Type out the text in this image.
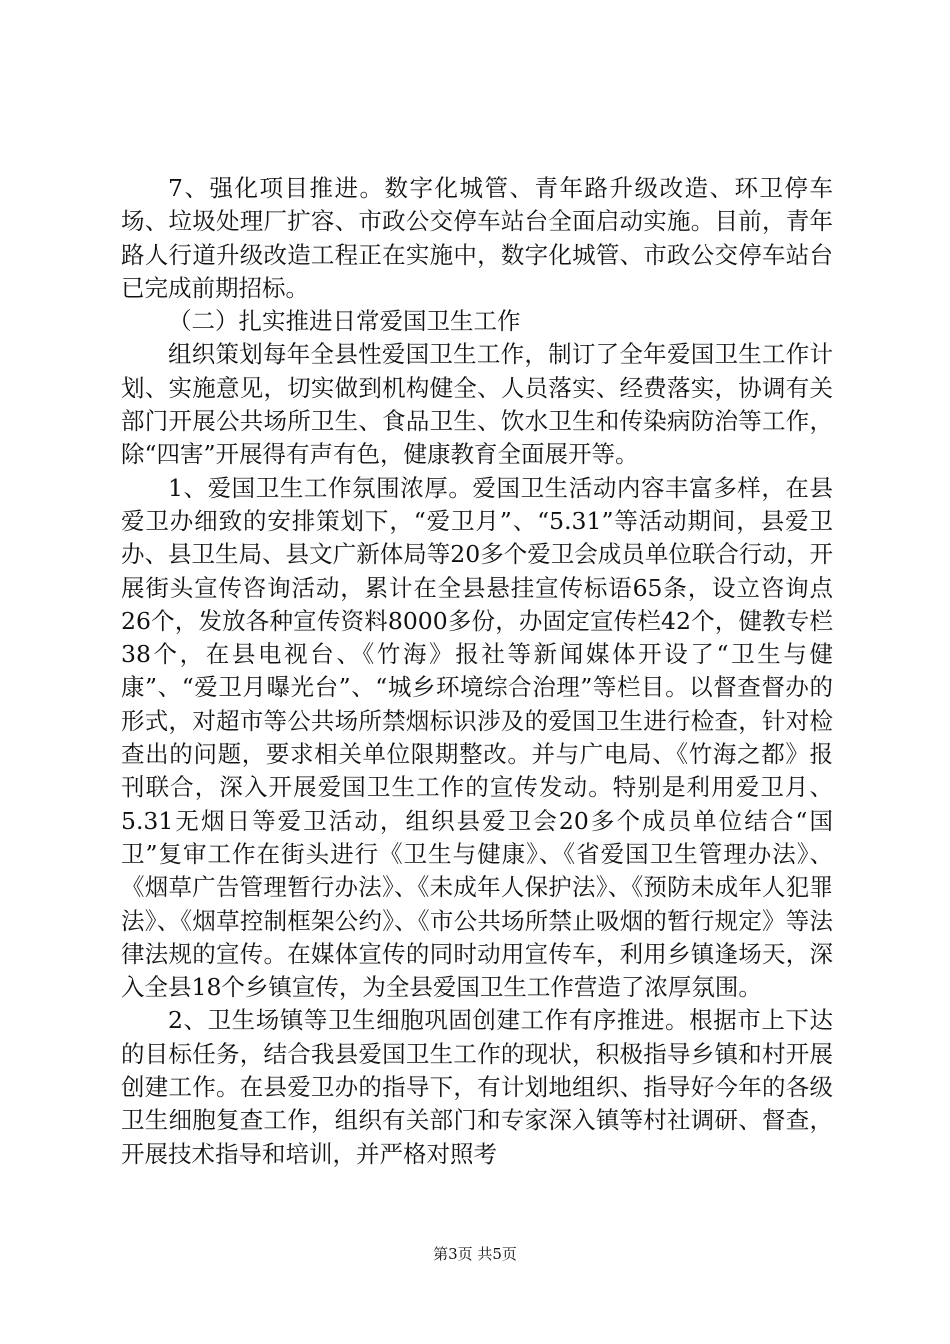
7、强化项目推进。数字化城管、青年路升级改造、环卫停车场、垃圾处理厂扩容、市政公交停车站台全面启动实施。目前，青年路人行道升级改造工程正在实施中，数字化城管、市政公交停车站台已完成前期招标。

（二）扎实推进日常爱国卫生工作

组织策划每年全县性爱国卫生工作，制订了全年爱国卫生工作计划、实施意见，切实做到机构健全、人员落实、经费落实，协调有关部门开展公共场所卫生、食品卫生、饮水卫生和传染病防治等工作，除“四害”开展得有声有色，健康教育全面展开等。

1、爱国卫生工作氛围浓厚。爱国卫生活动内容丰富多样，在县爱卫办细致的安排策划下，“爱卫月”、“5.31”等活动期间，县爱卫办、县卫生局、县文广新体局等20多个爱卫会成员单位联合行动，开展街头宣传咨询活动，累计在全县悬挂宣传标语65条，设立咨询点26个，发放各种宣传资料8000多份，办固定宣传栏42个，健教专栏38个，在县电视台、《竹海》报社等新闻媒体开设了“卫生与健康”、“爱卫月曝光台”、“城乡环境综合治理”等栏目。以督查督办的形式，对超市等公共场所禁烟标识涉及的爱国卫生进行检查，针对检查出的问题，要求相关单位限期整改。并与广电局、《竹海之都》报刊联合，深入开展爱国卫生工作的宣传发动。特别是利用爱卫月、5.31无烟日等爱卫活动，组织县爱卫会20多个成员单位结合“国卫”复审工作在街头进行《卫生与健康》、《省爱国卫生管理办法》、《烟草广告管理暂行办法》、《未成年人保护法》、《预防未成年人犯罪法》、《烟草控制框架公约》、《市公共场所禁止吸烟的暂行规定》等法律法规的宣传。在媒体宣传的同时动用宣传车，利用乡镇逢场天，深入全县18个乡镇宣传，为全县爱国卫生工作营造了浓厚氛围。

2、卫生场镇等卫生细胞巩固创建工作有序推进。根据市上下达的目标任务，结合我县爱国卫生工作的现状，积极指导乡镇和村开展创建工作。在县爱卫办的指导下，有计划地组织、指导好今年的各级卫生细胞复查工作，组织有关部门和专家深入镇等村社调研、督查，开展技术指导和培训，并严格对照考

第3页 共5页
